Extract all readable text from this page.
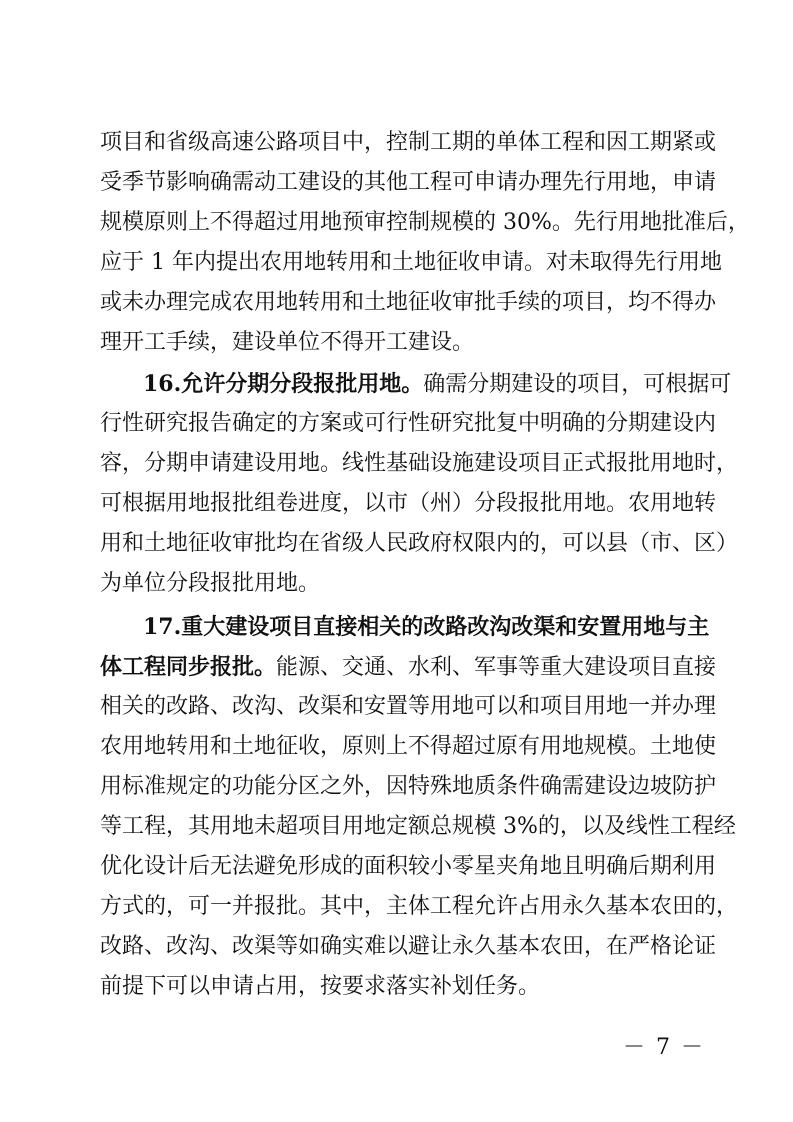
项目和省级高速公路项目中，控制工期的单体工程和因工期紧或
受季节影响确需动工建设的其他工程可申请办理先行用地，申请
规模原则上不得超过用地预审控制规模的 30%。先行用地批准后，
应于 1 年内提出农用地转用和土地征收申请。对未取得先行用地
或未办理完成农用地转用和土地征收审批手续的项目，均不得办
理开工手续，建设单位不得开工建设。
16.允许分期分段报批用地。确需分期建设的项目，可根据可
行性研究报告确定的方案或可行性研究批复中明确的分期建设内
容，分期申请建设用地。线性基础设施建设项目正式报批用地时，
可根据用地报批组卷进度，以市（州）分段报批用地。农用地转
用和土地征收审批均在省级人民政府权限内的，可以县（市、区）
为单位分段报批用地。
17.重大建设项目直接相关的改路改沟改渠和安置用地与主
体工程同步报批。能源、交通、水利、军事等重大建设项目直接
相关的改路、改沟、改渠和安置等用地可以和项目用地一并办理
农用地转用和土地征收，原则上不得超过原有用地规模。土地使
用标准规定的功能分区之外，因特殊地质条件确需建设边坡防护
等工程，其用地未超项目用地定额总规模 3%的，以及线性工程经
优化设计后无法避免形成的面积较小零星夹角地且明确后期利用
方式的，可一并报批。其中，主体工程允许占用永久基本农田的，
改路、改沟、改渠等如确实难以避让永久基本农田，在严格论证
前提下可以申请占用，按要求落实补划任务。
－ 7 －
